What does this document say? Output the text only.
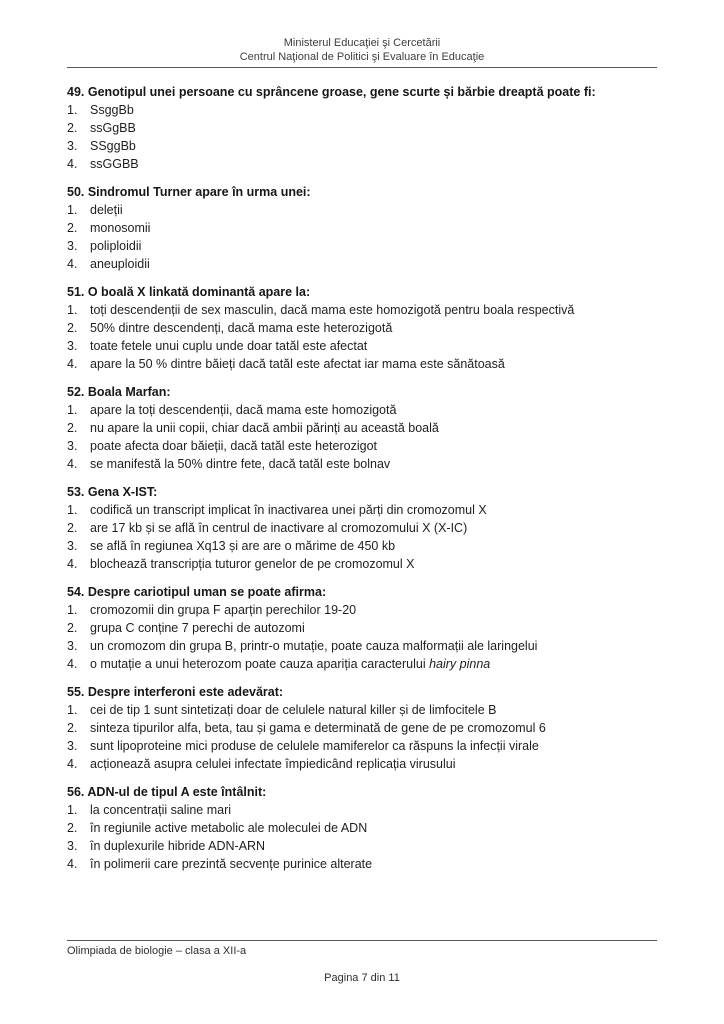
Ministerul Educaţiei şi Cercetării
Centrul Naţional de Politici şi Evaluare în Educaţie
49. Genotipul unei persoane cu sprâncene groase, gene scurte și bărbie dreaptă poate fi:
1.	SsggBb
2.	ssGgBB
3.	SSggBb
4.	ssGGBB
50. Sindromul Turner apare în urma unei:
1.	deleții
2.	monosomii
3.	poliploidii
4.	aneuploidii
51. O boală X linkată dominantă apare la:
1.	toți descendenții de sex masculin, dacă mama este homozigotă pentru boala respectivă
2.	50% dintre descendenți, dacă mama este heterozigotă
3.	toate fetele unui cuplu unde doar tatăl este afectat
4.	apare la 50 % dintre băieți dacă tatăl este afectat iar mama este sănătoasă
52. Boala Marfan:
1.	apare la toți descendenții, dacă mama este homozigotă
2.	nu apare la unii copii, chiar dacă ambii părinți au această boală
3.	poate afecta doar băieții, dacă tatăl este heterozigot
4.	se manifestă la 50% dintre fete, dacă tatăl este bolnav
53. Gena X-IST:
1.	codifică un transcript implicat în inactivarea unei părți din cromozomul X
2.	are 17 kb și se află în centrul de inactivare al cromozomului X (X-IC)
3.	se află în regiunea Xq13 și are are o mărime de 450 kb
4.	blochează transcripția tuturor genelor de pe cromozomul X
54. Despre cariotipul uman se poate afirma:
1.	cromozomii din grupa F aparțin perechilor 19-20
2.	grupa C conține 7 perechi de autozomi
3.	un cromozom din grupa B, printr-o mutație, poate cauza malformații ale laringelui
4.	o mutație a unui heterozom poate cauza apariția caracterului hairy pinna
55. Despre interferoni este adevărat:
1.	cei de tip 1 sunt sintetizați doar de celulele natural killer și de limfocitele B
2.	sinteza tipurilor alfa, beta, tau și gama e determinată de gene de pe cromozomul 6
3.	sunt lipoproteine mici produse de celulele mamiferelor ca răspuns la infecții virale
4.	acționează asupra celulei infectate împiedicând replicația virusului
56. ADN-ul de tipul A este întâlnit:
1.	la concentrații saline mari
2.	în regiunile active metabolic ale moleculei de ADN
3.	în duplexurile hibride ADN-ARN
4.	în polimerii care prezintă secvențe purinice alterate
Olimpiada de biologie – clasa a XII-a
Pagina 7 din 11
